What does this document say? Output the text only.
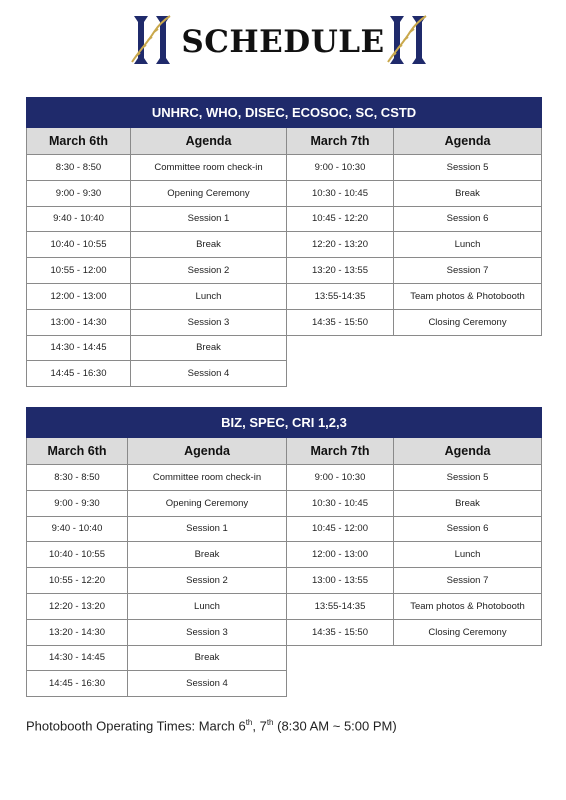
SCHEDULE
UNHRC, WHO, DISEC, ECOSOC, SC, CSTD			
March 6th	Agenda	March 7th	Agenda
8:30 - 8:50	Committee room check-in	9:00 - 10:30	Session 5
9:00 - 9:30	Opening Ceremony	10:30 - 10:45	Break
9:40 - 10:40	Session 1	10:45 - 12:20	Session 6
10:40 - 10:55	Break	12:20 - 13:20	Lunch
10:55 - 12:00	Session 2	13:20 - 13:55	Session 7
12:00 - 13:00	Lunch	13:55-14:35	Team photos & Photobooth
13:00 - 14:30	Session 3	14:35 - 15:50	Closing Ceremony
14:30 - 14:45	Break		
14:45 - 16:30	Session 4		
BIZ, SPEC, CRI 1,2,3			
March 6th	Agenda	March 7th	Agenda
8:30 - 8:50	Committee room check-in	9:00 - 10:30	Session 5
9:00 - 9:30	Opening Ceremony	10:30 - 10:45	Break
9:40 - 10:40	Session 1	10:45 - 12:00	Session 6
10:40 - 10:55	Break	12:00 - 13:00	Lunch
10:55 - 12:20	Session 2	13:00 - 13:55	Session 7
12:20 - 13:20	Lunch	13:55-14:35	Team photos & Photobooth
13:20 - 14:30	Session 3	14:35 - 15:50	Closing Ceremony
14:30 - 14:45	Break		
14:45 - 16:30	Session 4		
Photobooth Operating Times: March 6th, 7th (8:30 AM ~ 5:00 PM)
